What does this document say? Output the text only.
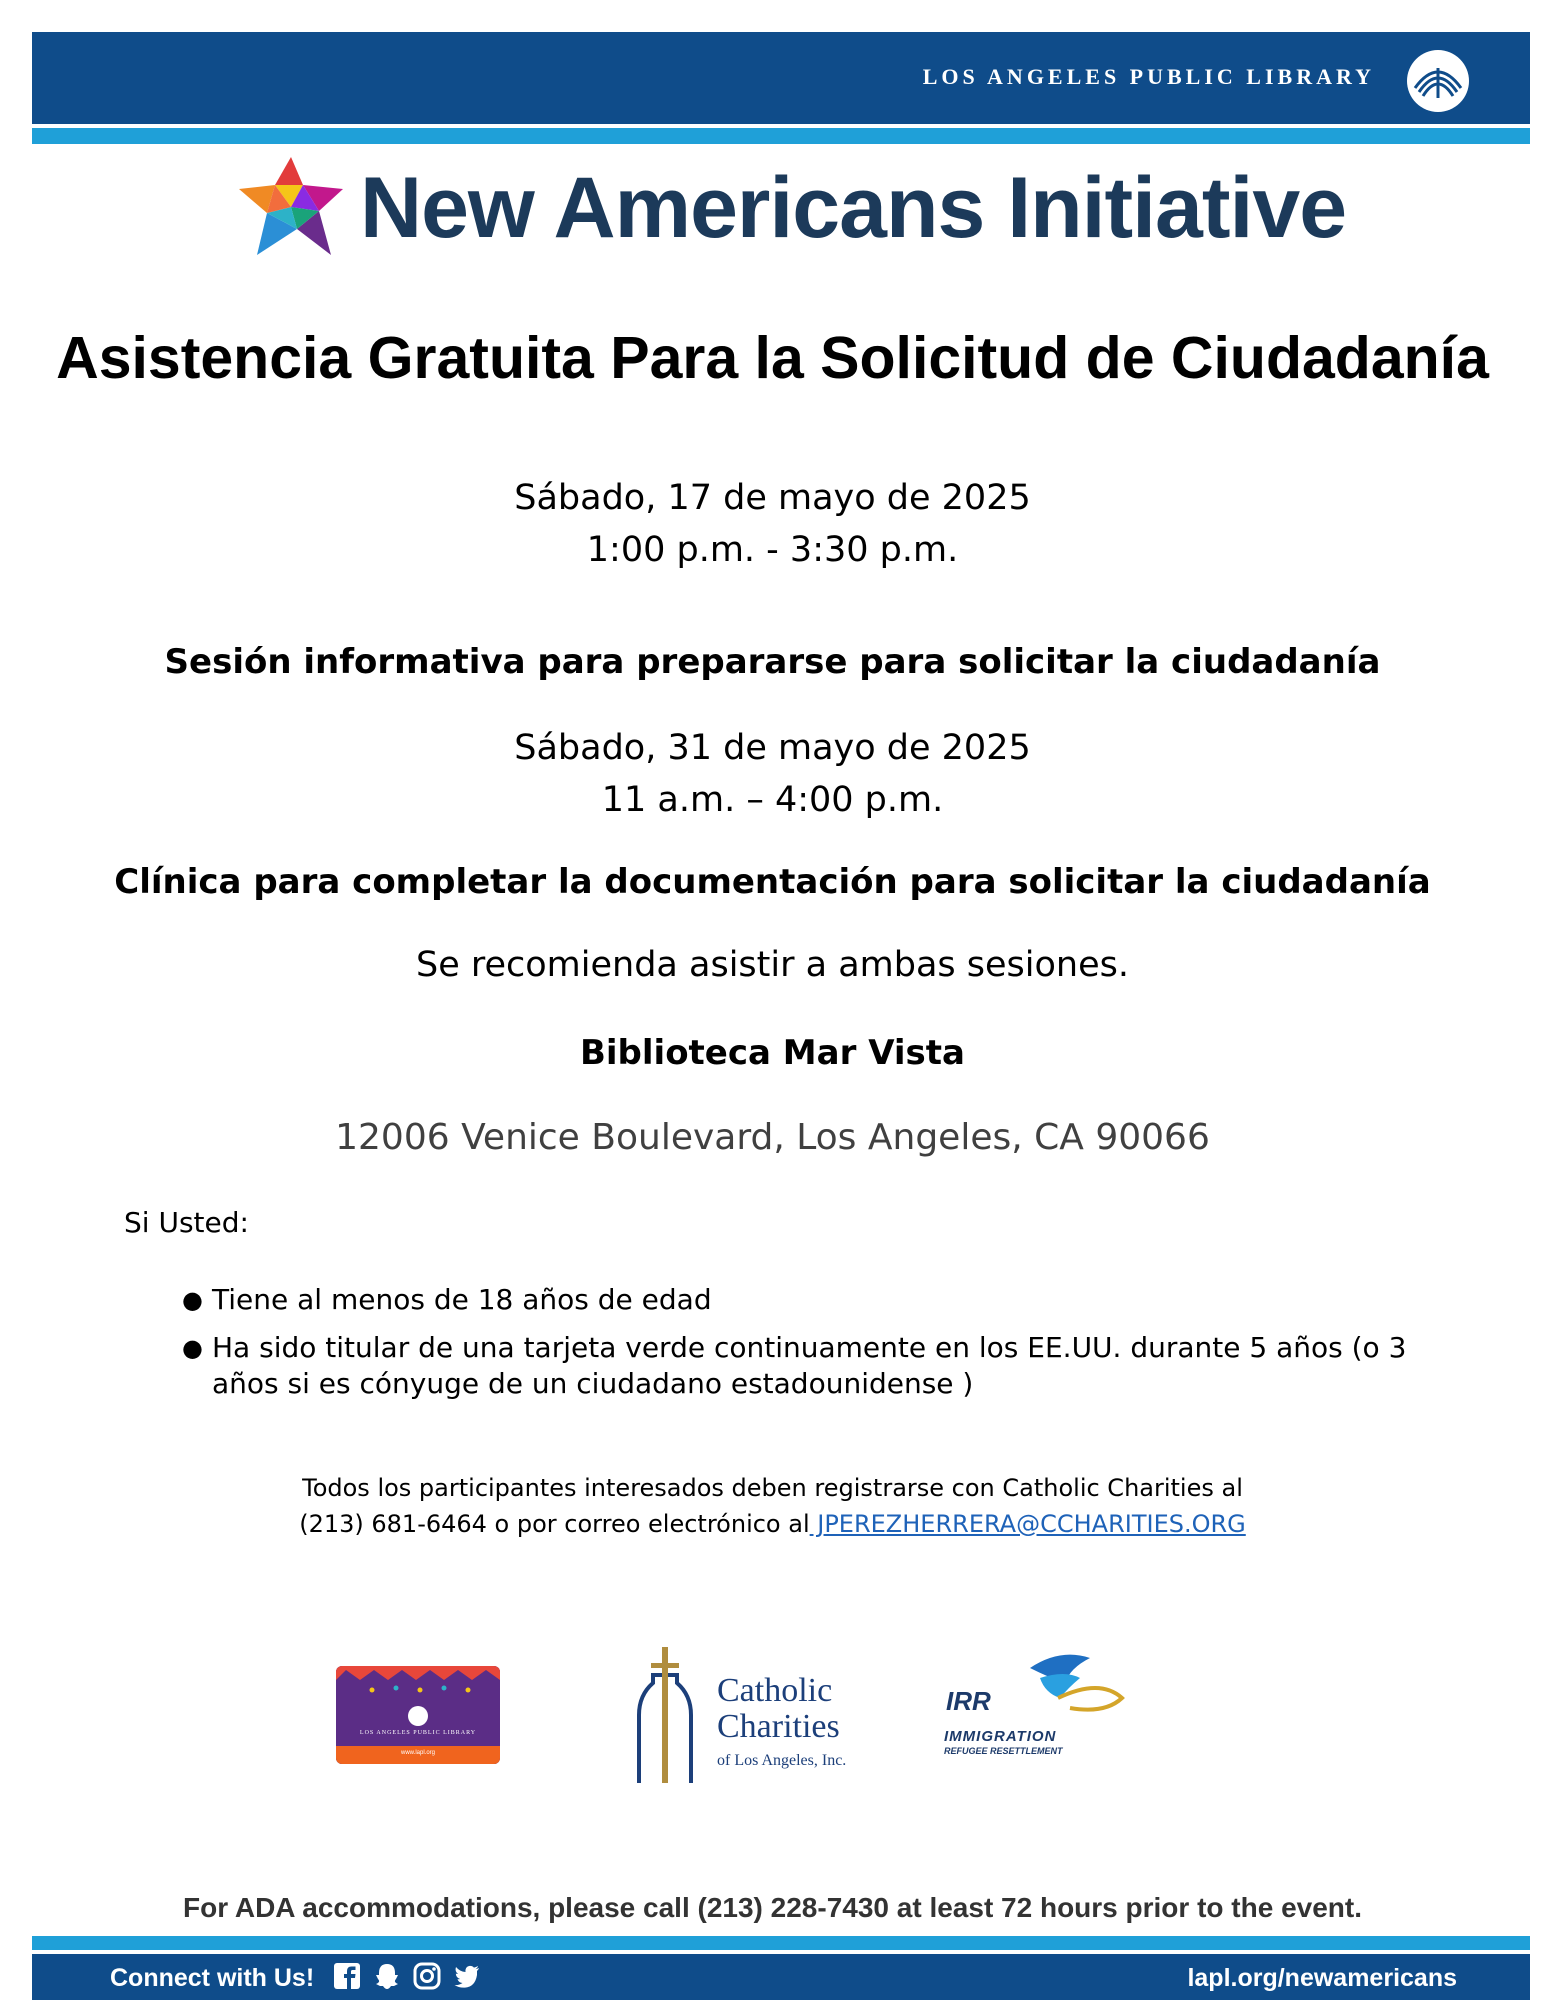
LOS ANGELES PUBLIC LIBRARY
New Americans Initiative
Asistencia Gratuita Para la Solicitud de Ciudadanía
Sábado, 17 de mayo de 2025
1:00 p.m. - 3:30 p.m.
Sesión informativa para prepararse para solicitar la ciudadanía
Sábado, 31 de mayo de 2025
11 a.m. – 4:00 p.m.
Clínica para completar la documentación para solicitar la ciudadanía
Se recomienda asistir a ambas sesiones.
Biblioteca Mar Vista
12006 Venice Boulevard, Los Angeles, CA 90066
Si Usted:
● Tiene al menos de 18 años de edad
● Ha sido titular de una tarjeta verde continuamente en los EE.UU. durante 5 años (o 3 años si es cónyuge de un ciudadano estadounidense )
Todos los participantes interesados deben registrarse con Catholic Charities al
(213) 681-6464 o por correo electrónico al JPEREZHERRERA@CCHARITIES.ORG
LOS ANGELES PUBLIC LIBRARY
www.lapl.org
Catholic
Charities
of Los Angeles, Inc.
IRR
IMMIGRATION
REFUGEE RESETTLEMENT
For ADA accommodations, please call (213) 228-7430 at least 72 hours prior to the event.
Connect with Us!	lapl.org/newamericans
